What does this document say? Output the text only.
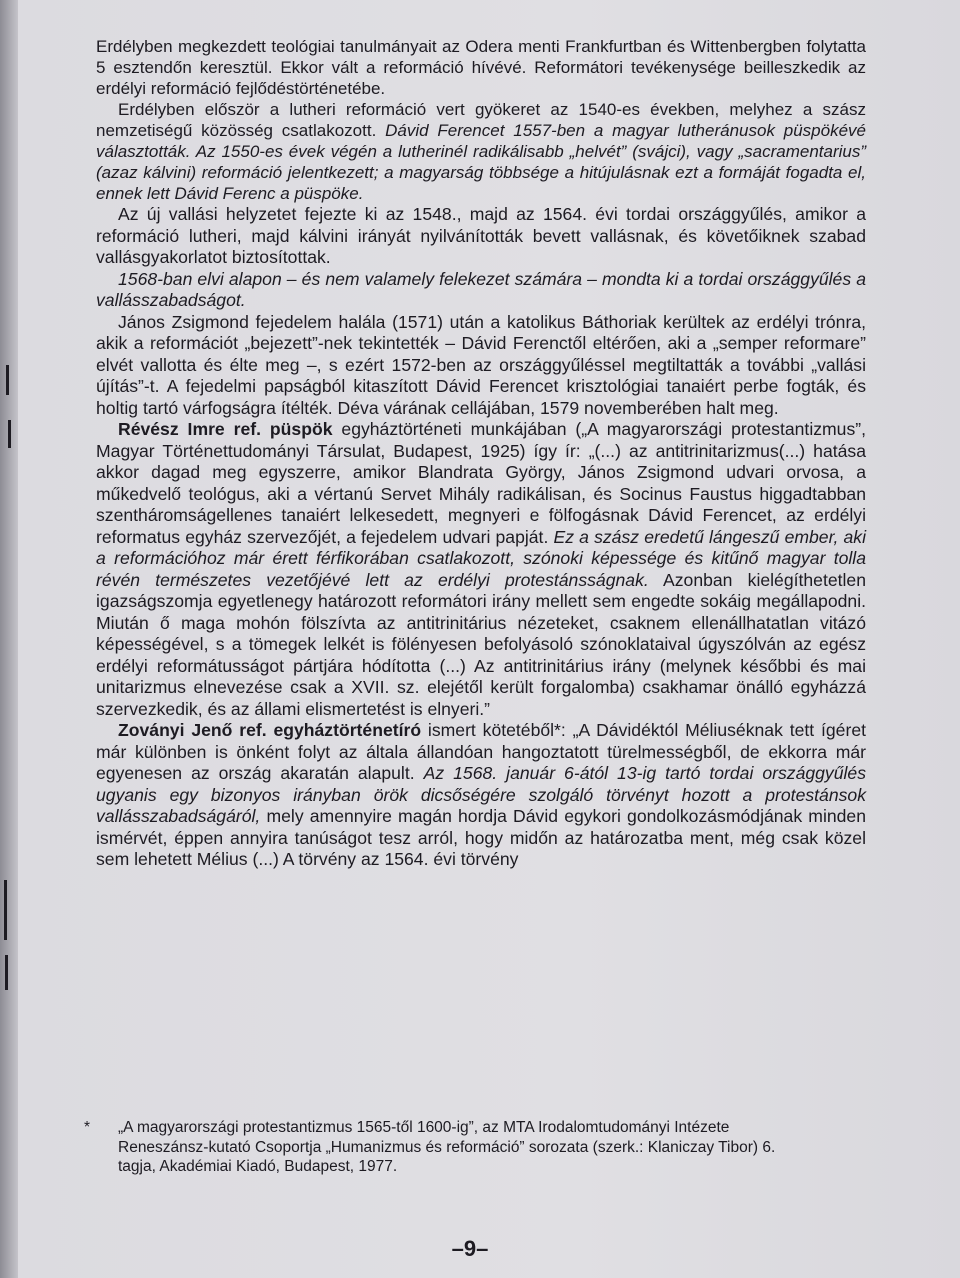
Erdélyben megkezdett teológiai tanulmányait az Odera menti Frankfurtban és Wittenbergben folytatta 5 esztendőn keresztül. Ekkor vált a reformáció hívévé. Reformátori tevékenysége beilleszkedik az erdélyi reformáció fejlődéstörténetébe.

Erdélyben először a lutheri reformáció vert gyökeret az 1540-es években, melyhez a szász nemzetiségű közösség csatlakozott. Dávid Ferencet 1557-ben a magyar lutheránusok püspökévé választották. Az 1550-es évek végén a lutherinél radikálisabb „helvét” (svájci), vagy „sacramentarius” (azaz kálvini) reformáció jelentkezett; a magyarság többsége a hitújulásnak ezt a formáját fogadta el, ennek lett Dávid Ferenc a püspöke.

Az új vallási helyzetet fejezte ki az 1548., majd az 1564. évi tordai országgyűlés, amikor a reformáció lutheri, majd kálvini irányát nyilvánították bevett vallásnak, és követőiknek szabad vallásgyakorlatot biztosítottak.

1568-ban elvi alapon – és nem valamely felekezet számára – mondta ki a tordai országgyűlés a vallásszabadságot.

János Zsigmond fejedelem halála (1571) után a katolikus Báthoriak kerültek az erdélyi trónra, akik a reformációt „bejezett”-nek tekintették – Dávid Ferenctől eltérően, aki a „semper reformare” elvét vallotta és élte meg –, s ezért 1572-ben az országgyűléssel megtiltatták a további „vallási újítás”-t. A fejedelmi papságból kitaszított Dávid Ferencet krisztológiai tanaiért perbe fogták, és holtig tartó várfogságra ítélték. Déva várának cellájában, 1579 novemberében halt meg.

Révész Imre ref. püspök egyháztörténeti munkájában („A magyarországi protestantizmus”, Magyar Történettudományi Társulat, Budapest, 1925) így ír: „(...) az antitrinitarizmus(...) hatása akkor dagad meg egyszerre, amikor Blandrata György, János Zsigmond udvari orvosa, a műkedvelő teológus, aki a vértanú Servet Mihály radikálisan, és Socinus Faustus higgadtabban szentháromságellenes tanaiért lelkesedett, megnyeri e fölfogásnak Dávid Ferencet, az erdélyi reformatus egyház szervezőjét, a fejedelem udvari papját. Ez a szász eredetű lángeszű ember, aki a reformációhoz már érett férfikorában csatlakozott, szónoki képessége és kitűnő magyar tolla révén természetes vezetőjévé lett az erdélyi protestánsságnak. Azonban kielégíthetetlen igazságszomja egyetlenegy határozott reformátori irány mellett sem engedte sokáig megállapodni. Miután ő maga mohón fölszívta az antitrinitárius nézeteket, csaknem ellenállhatatlan vitázó képességével, s a tömegek lelkét is fölényesen befolyásoló szónoklataival úgyszólván az egész erdélyi reformátusságot pártjára hódította (...) Az antitrinitárius irány (melynek későbbi és mai unitarizmus elnevezése csak a XVII. sz. elejétől került forgalomba) csakhamar önálló egyházzá szervezkedik, és az állami elismertetést is elnyeri.”

Zoványi Jenő ref. egyháztörténetíró ismert kötetéből*: „A Dávidéktól Méliuséknak tett ígéret már különben is önként folyt az általa állandóan hangoztatott türelmességből, de ekkorra már egyenesen az ország akaratán alapult. Az 1568. január 6-ától 13-ig tartó tordai országgyűlés ugyanis egy bizonyos irányban örök dicsőségére szolgáló törvényt hozott a protestánsok vallásszabadságáról, mely amennyire magán hordja Dávid egykori gondolkozásmódjának minden ismérvét, éppen annyira tanúságot tesz arról, hogy midőn az határozatba ment, még csak közel sem lehetett Mélius (...) A törvény az 1564. évi törvény

*	„A magyarországi protestantizmus 1565-től 1600-ig”, az MTA Irodalomtudományi Intézete Reneszánsz-kutató Csoportja „Humanizmus és reformáció” sorozata (szerk.: Klaniczay Tibor) 6. tagja, Akadémiai Kiadó, Budapest, 1977.

–9–
